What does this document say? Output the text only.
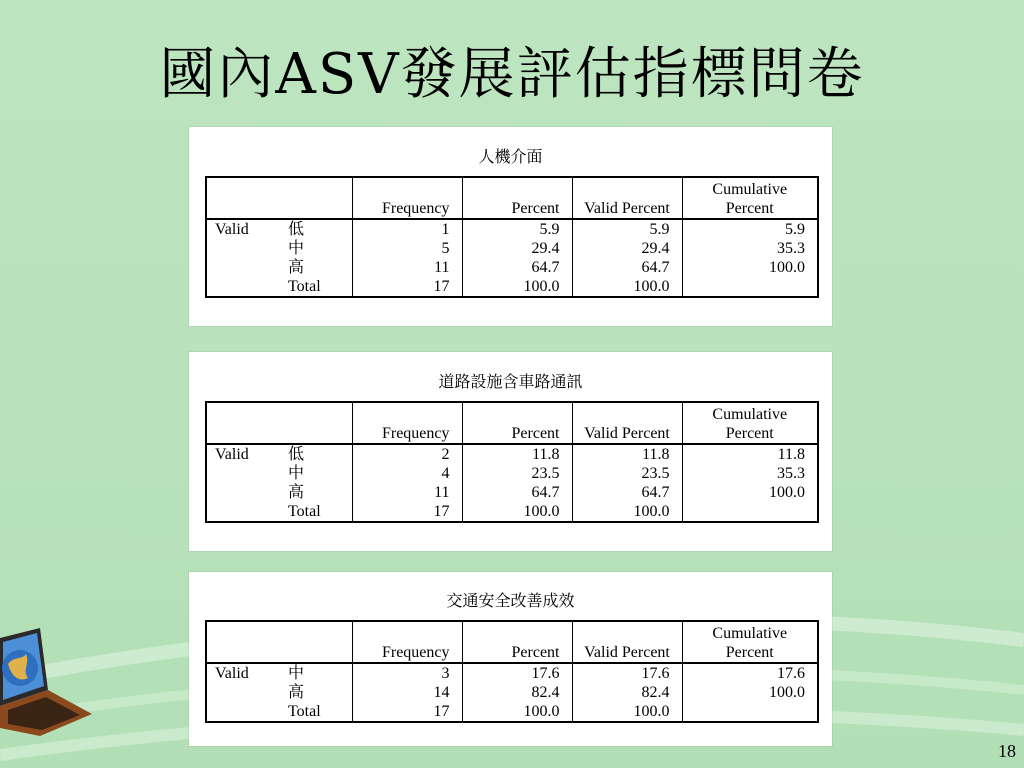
國內ASV發展評估指標問卷
人機介面
		Frequency	Percent	Valid Percent	Cumulative
Percent

Valid	低	1	5.9	5.9	5.9
	中	5	29.4	29.4	35.3
	高	11	64.7	64.7	100.0
	Total	17	100.0	100.0	
道路設施含車路通訊
		Frequency	Percent	Valid Percent	Cumulative
Percent

Valid	低	2	11.8	11.8	11.8
	中	4	23.5	23.5	35.3
	高	11	64.7	64.7	100.0
	Total	17	100.0	100.0	
交通安全改善成效
		Frequency	Percent	Valid Percent	Cumulative
Percent

Valid	中	3	17.6	17.6	17.6
	高	14	82.4	82.4	100.0
	Total	17	100.0	100.0	
18
